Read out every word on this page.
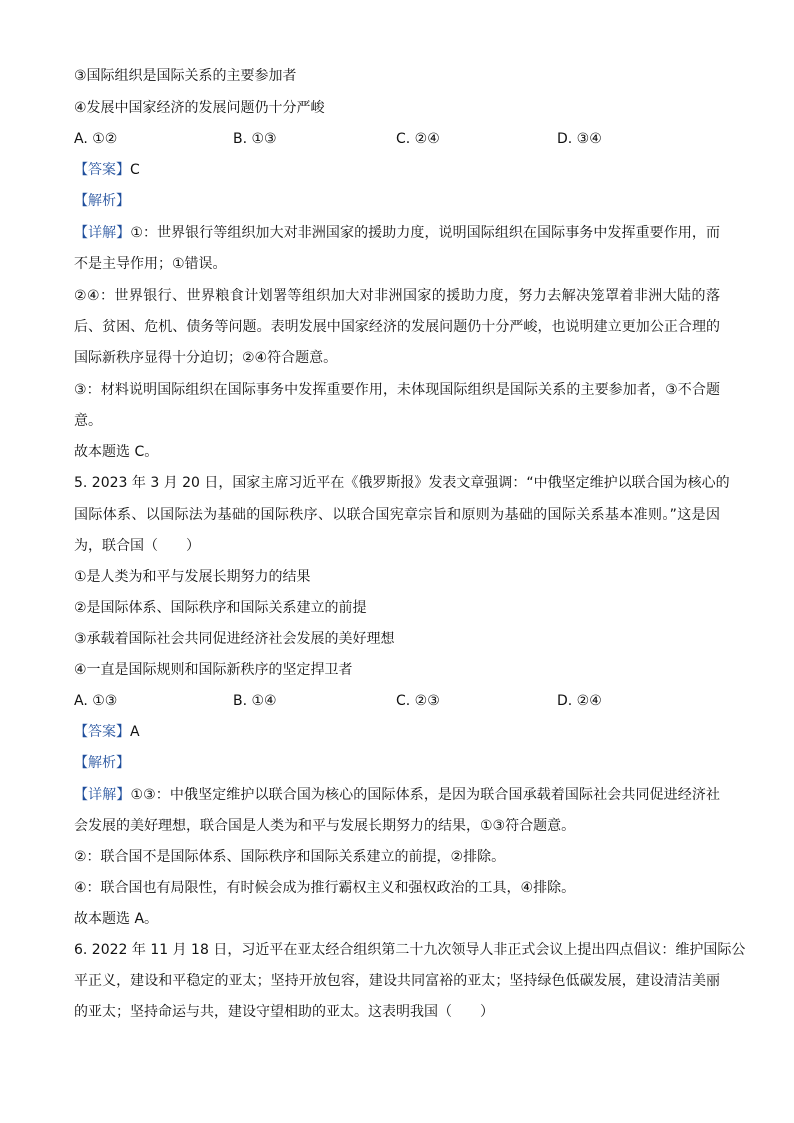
③国际组织是国际关系的主要参加者
④发展中国家经济的发展问题仍十分严峻
A. ①②	B. ①③	C. ②④	D. ③④
【答案】C
【解析】
【详解】①：世界银行等组织加大对非洲国家的援助力度，说明国际组织在国际事务中发挥重要作用，而
不是主导作用；①错误。
②④：世界银行、世界粮食计划署等组织加大对非洲国家的援助力度，努力去解决笼罩着非洲大陆的落
后、贫困、危机、债务等问题。表明发展中国家经济的发展问题仍十分严峻，也说明建立更加公正合理的
国际新秩序显得十分迫切；②④符合题意。
③：材料说明国际组织在国际事务中发挥重要作用，未体现国际组织是国际关系的主要参加者，③不合题
意。
故本题选 C。
5. 2023 年 3 月 20 日，国家主席习近平在《俄罗斯报》发表文章强调：“中俄坚定维护以联合国为核心的
国际体系、以国际法为基础的国际秩序、以联合国宪章宗旨和原则为基础的国际关系基本准则。”这是因
为，联合国（　　）
①是人类为和平与发展长期努力的结果
②是国际体系、国际秩序和国际关系建立的前提
③承载着国际社会共同促进经济社会发展的美好理想
④一直是国际规则和国际新秩序的坚定捍卫者
A. ①③	B. ①④	C. ②③	D. ②④
【答案】A
【解析】
【详解】①③：中俄坚定维护以联合国为核心的国际体系，是因为联合国承载着国际社会共同促进经济社
会发展的美好理想，联合国是人类为和平与发展长期努力的结果，①③符合题意。
②：联合国不是国际体系、国际秩序和国际关系建立的前提，②排除。
④：联合国也有局限性，有时候会成为推行霸权主义和强权政治的工具，④排除。
故本题选 A。
6. 2022 年 11 月 18 日，习近平在亚太经合组织第二十九次领导人非正式会议上提出四点倡议：维护国际公
平正义，建设和平稳定的亚太；坚持开放包容，建设共同富裕的亚太；坚持绿色低碳发展，建设清洁美丽
的亚太；坚持命运与共，建设守望相助的亚太。这表明我国（　　）
